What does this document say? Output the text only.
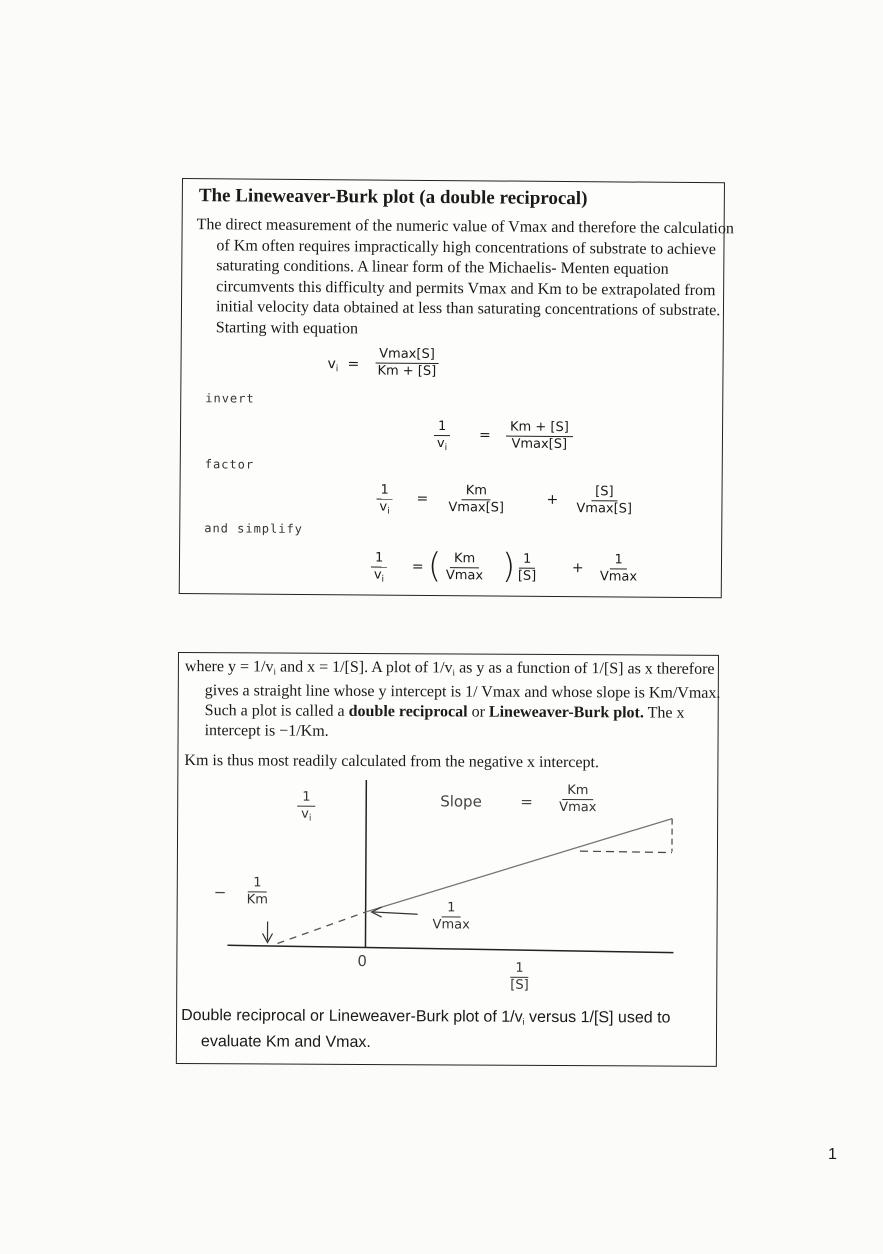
The Lineweaver-Burk plot (a double reciprocal)
The direct measurement of the numeric value of Vmax and therefore the calculation of Km often requires impractically high concentrations of substrate to achieve saturating conditions. A linear form of the Michaelis- Menten equation circumvents this difficulty and permits Vmax and Km to be extrapolated from initial velocity data obtained at less than saturating concentrations of substrate. Starting with equation
$v_i$ =
Vmax[S]
Km + [S]
invert
$\frac{1}{v_i}$ =
Km + [S]
Vmax[S]
factor
$\frac{1}{v_i}$ =
Km
Vmax[S]	+
[S]
Vmax[S]
and simplify
$\frac{1}{v_i}$ = ( Km
Vmax )
$\frac{1}{[S]}$ +
1
Vmax
where $y = 1/v_i$ and x = 1/[S]. A plot of $1/v_i$ as y as a function of 1/[S] as x therefore gives a straight line whose y intercept is 1/ Vmax and whose slope is Km/Vmax. Such a plot is called a double reciprocal or Lineweaver-Burk plot. The x intercept is −1/Km.
Km is thus most readily calculated from the negative x intercept.
$\frac{1}{v_i}$	Slope	=
Km
Vmax
− $\frac{1}{Km}$	1
Vmax
0	$\frac{1}{[S]}$
Double reciprocal or Lineweaver-Burk plot of $1/v_i$ versus 1/[S] used to evaluate Km and Vmax.
1
